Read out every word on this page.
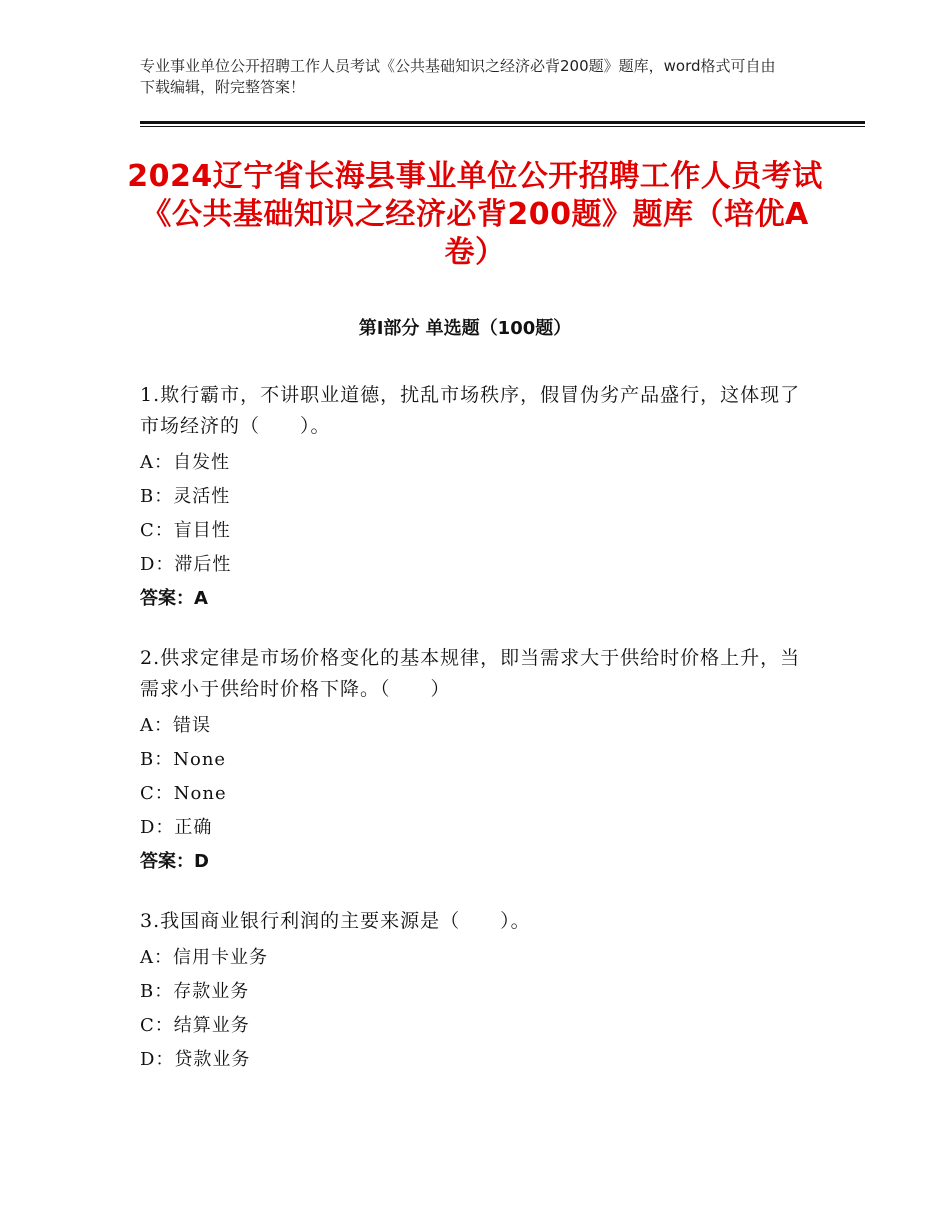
专业事业单位公开招聘工作人员考试《公共基础知识之经济必背200题》题库，word格式可自由下载编辑，附完整答案！
2024辽宁省长海县事业单位公开招聘工作人员考试《公共基础知识之经济必背200题》题库（培优A卷）
第Ⅰ部分 单选题（100题）
1.欺行霸市，不讲职业道德，扰乱市场秩序，假冒伪劣产品盛行，这体现了市场经济的（　　）。
A：自发性
B：灵活性
C：盲目性
D：滞后性
答案：A
2.供求定律是市场价格变化的基本规律，即当需求大于供给时价格上升，当需求小于供给时价格下降。（　　）
A：错误
B：None
C：None
D：正确
答案：D
3.我国商业银行利润的主要来源是（　　）。
A：信用卡业务
B：存款业务
C：结算业务
D：贷款业务
